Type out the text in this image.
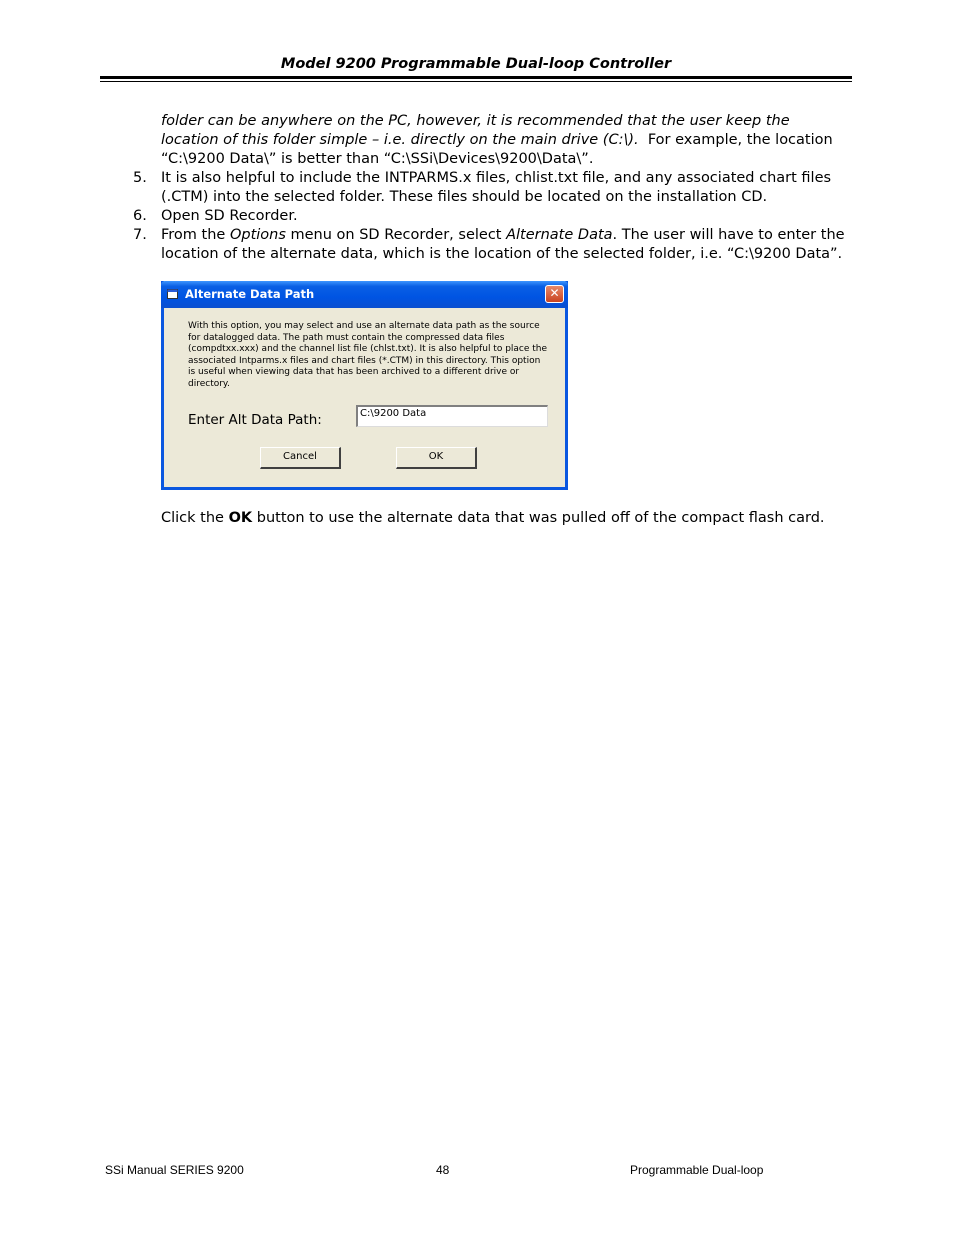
Model 9200 Programmable Dual-loop Controller
folder can be anywhere on the PC, however, it is recommended that the user keep the location of this folder simple – i.e. directly on the main drive (C:\). For example, the location “C:\9200 Data\” is better than “C:\SSi\Devices\9200\Data\”.
5. It is also helpful to include the INTPARMS.x files, chlist.txt file, and any associated chart files (.CTM) into the selected folder. These files should be located on the installation CD.
6. Open SD Recorder.
7. From the Options menu on SD Recorder, select Alternate Data. The user will have to enter the location of the alternate data, which is the location of the selected folder, i.e. “C:\9200 Data”.
Alternate Data Path	✕
With this option, you may select and use an alternate data path as the source for datalogged data. The path must contain the compressed data files (compdtxx.xxx) and the channel list file (chlst.txt). It is also helpful to place the associated Intparms.x files and chart files (*.CTM) in this directory. This option is useful when viewing data that has been archived to a different drive or directory.
Enter Alt Data Path:	C:\9200 Data
Cancel	OK
Click the OK button to use the alternate data that was pulled off of the compact flash card.
SSi Manual SERIES 9200	48	Programmable Dual-loop
